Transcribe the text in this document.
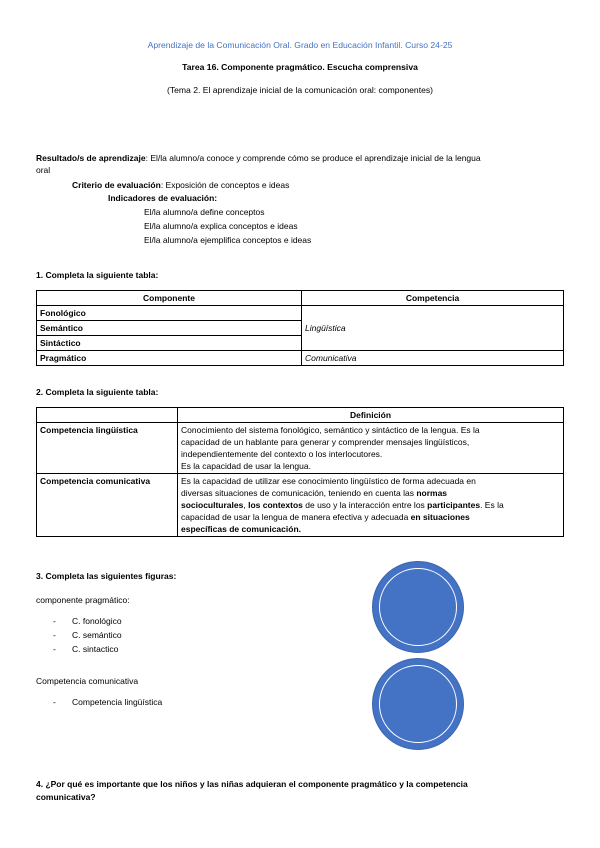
Aprendizaje de la Comunicación Oral. Grado en Educación Infantil. Curso 24-25
Tarea 16. Componente pragmático. Escucha comprensiva
(Tema 2. El aprendizaje inicial de la comunicación oral: componentes)
Resultado/s de aprendizaje: El/la alumno/a conoce y comprende cómo se produce el aprendizaje inicial de la lengua
oral
Criterio de evaluación: Exposición de conceptos e ideas
Indicadores de evaluación:
El/la alumno/a define conceptos
El/la alumno/a explica conceptos e ideas
El/la alumno/a ejemplifica conceptos e ideas
1. Completa la siguiente tabla:
Componente	Competencia
Fonológico	Lingüística
Semántico	
Sintáctico	
Pragmático	Comunicativa
2. Completa la siguiente tabla:
	Definición
Competencia lingüística	Conocimiento del sistema fonológico, semántico y sintáctico de la lengua. Es la
capacidad de un hablante para generar y comprender mensajes lingüísticos,
independientemente del contexto o los interlocutores.
Es la capacidad de usar la lengua.

Competencia comunicativa	Es la capacidad de utilizar ese conocimiento lingüístico de forma adecuada en
diversas situaciones de comunicación, teniendo en cuenta las normas
socioculturales, los contextos de uso y la interacción entre los participantes. Es la
capacidad de usar la lengua de manera efectiva y adecuada en situaciones
específicas de comunicación.
3. Completa las siguientes figuras:
componente pragmático:
- C. fonológico
- C. semántico
- C. sintactico
Competencia comunicativa
- Competencia lingüística
4. ¿Por qué es importante que los niños y las niñas adquieran el componente pragmático y la competencia
comunicativa?
